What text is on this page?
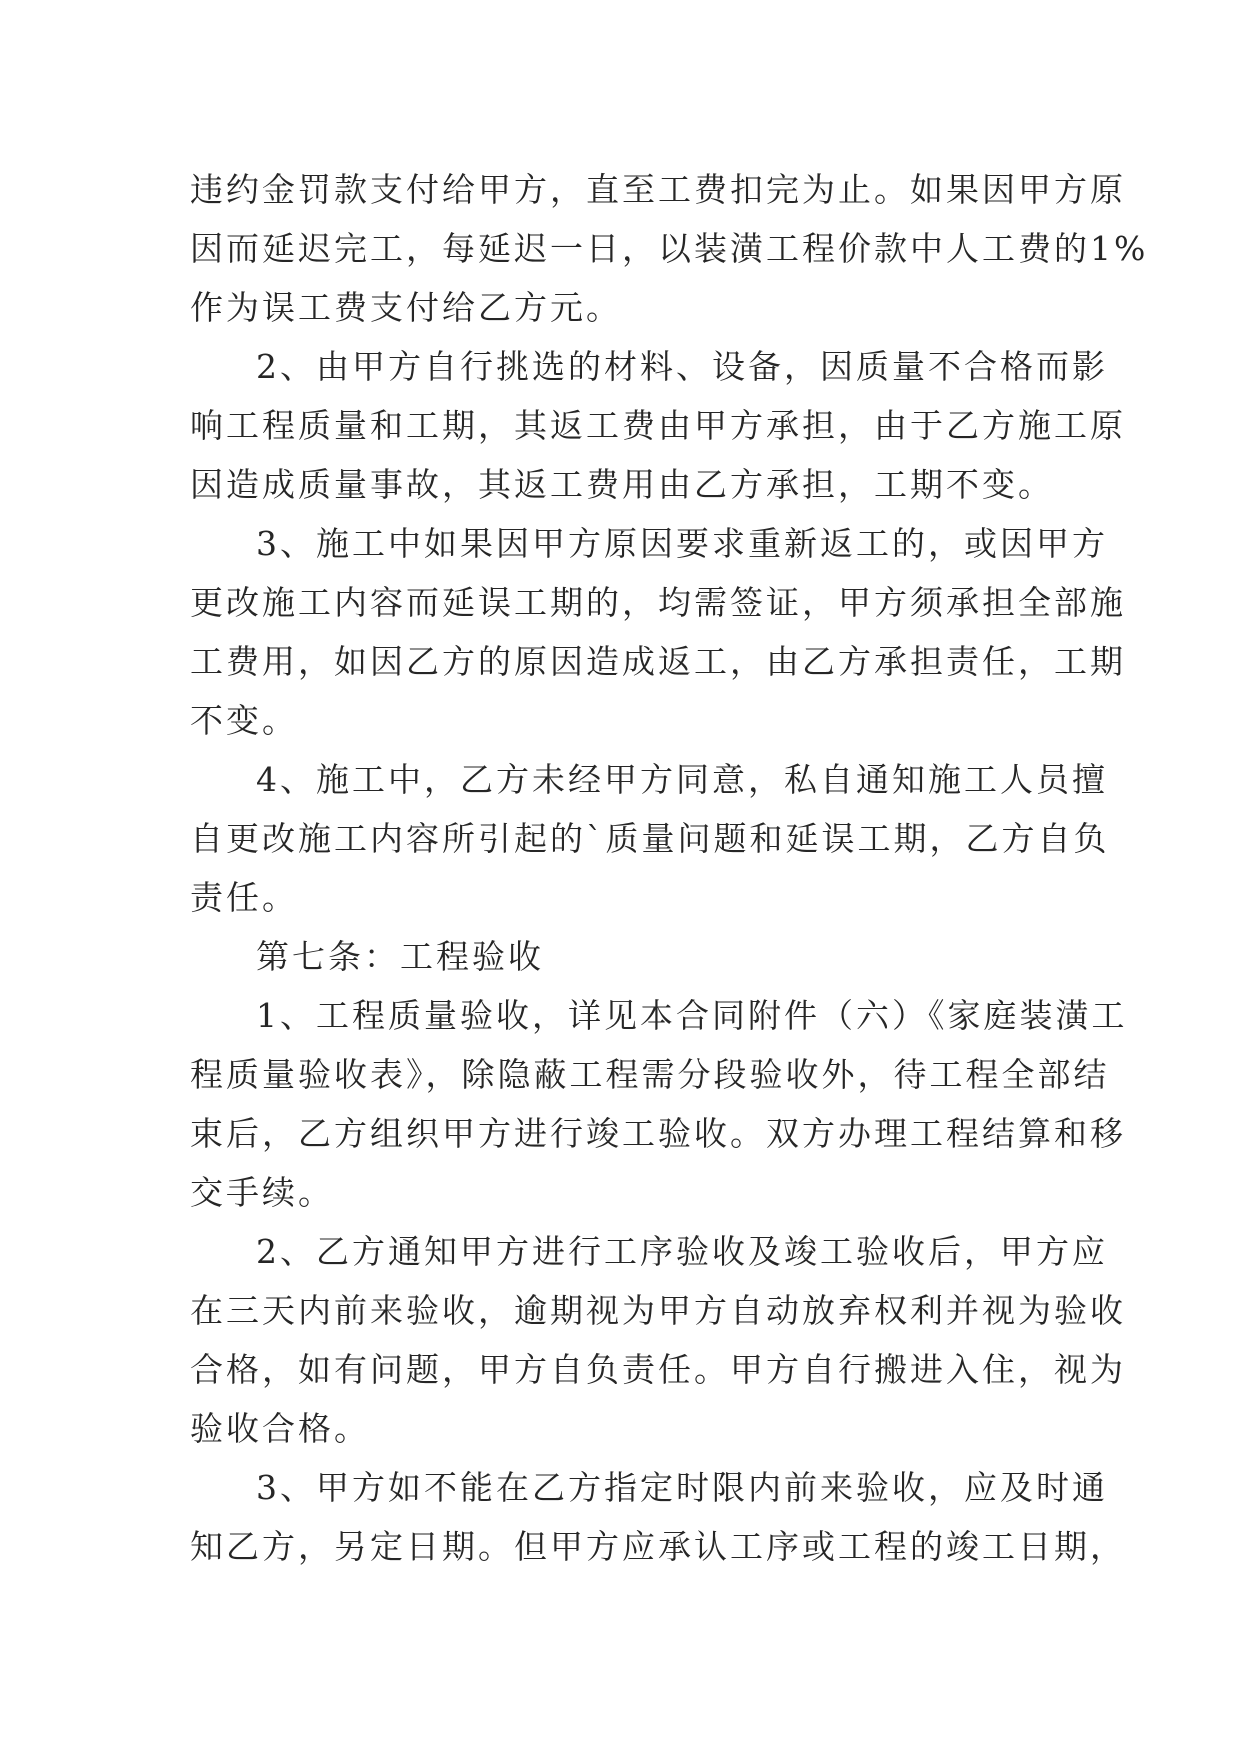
违约金罚款支付给甲方，直至工费扣完为止。如果因甲方原
因而延迟完工，每延迟一日，以装潢工程价款中人工费的1%
作为误工费支付给乙方元。
2、由甲方自行挑选的材料、设备，因质量不合格而影
响工程质量和工期，其返工费由甲方承担，由于乙方施工原
因造成质量事故，其返工费用由乙方承担，工期不变。
3、施工中如果因甲方原因要求重新返工的，或因甲方
更改施工内容而延误工期的，均需签证，甲方须承担全部施
工费用，如因乙方的原因造成返工，由乙方承担责任，工期
不变。
4、施工中，乙方未经甲方同意，私自通知施工人员擅
自更改施工内容所引起的`质量问题和延误工期，乙方自负
责任。
第七条：工程验收
1、工程质量验收，详见本合同附件（六）《家庭装潢工
程质量验收表》，除隐蔽工程需分段验收外，待工程全部结
束后，乙方组织甲方进行竣工验收。双方办理工程结算和移
交手续。
2、乙方通知甲方进行工序验收及竣工验收后，甲方应
在三天内前来验收，逾期视为甲方自动放弃权利并视为验收
合格，如有问题，甲方自负责任。甲方自行搬进入住，视为
验收合格。
3、甲方如不能在乙方指定时限内前来验收，应及时通
知乙方，另定日期。但甲方应承认工序或工程的竣工日期，
